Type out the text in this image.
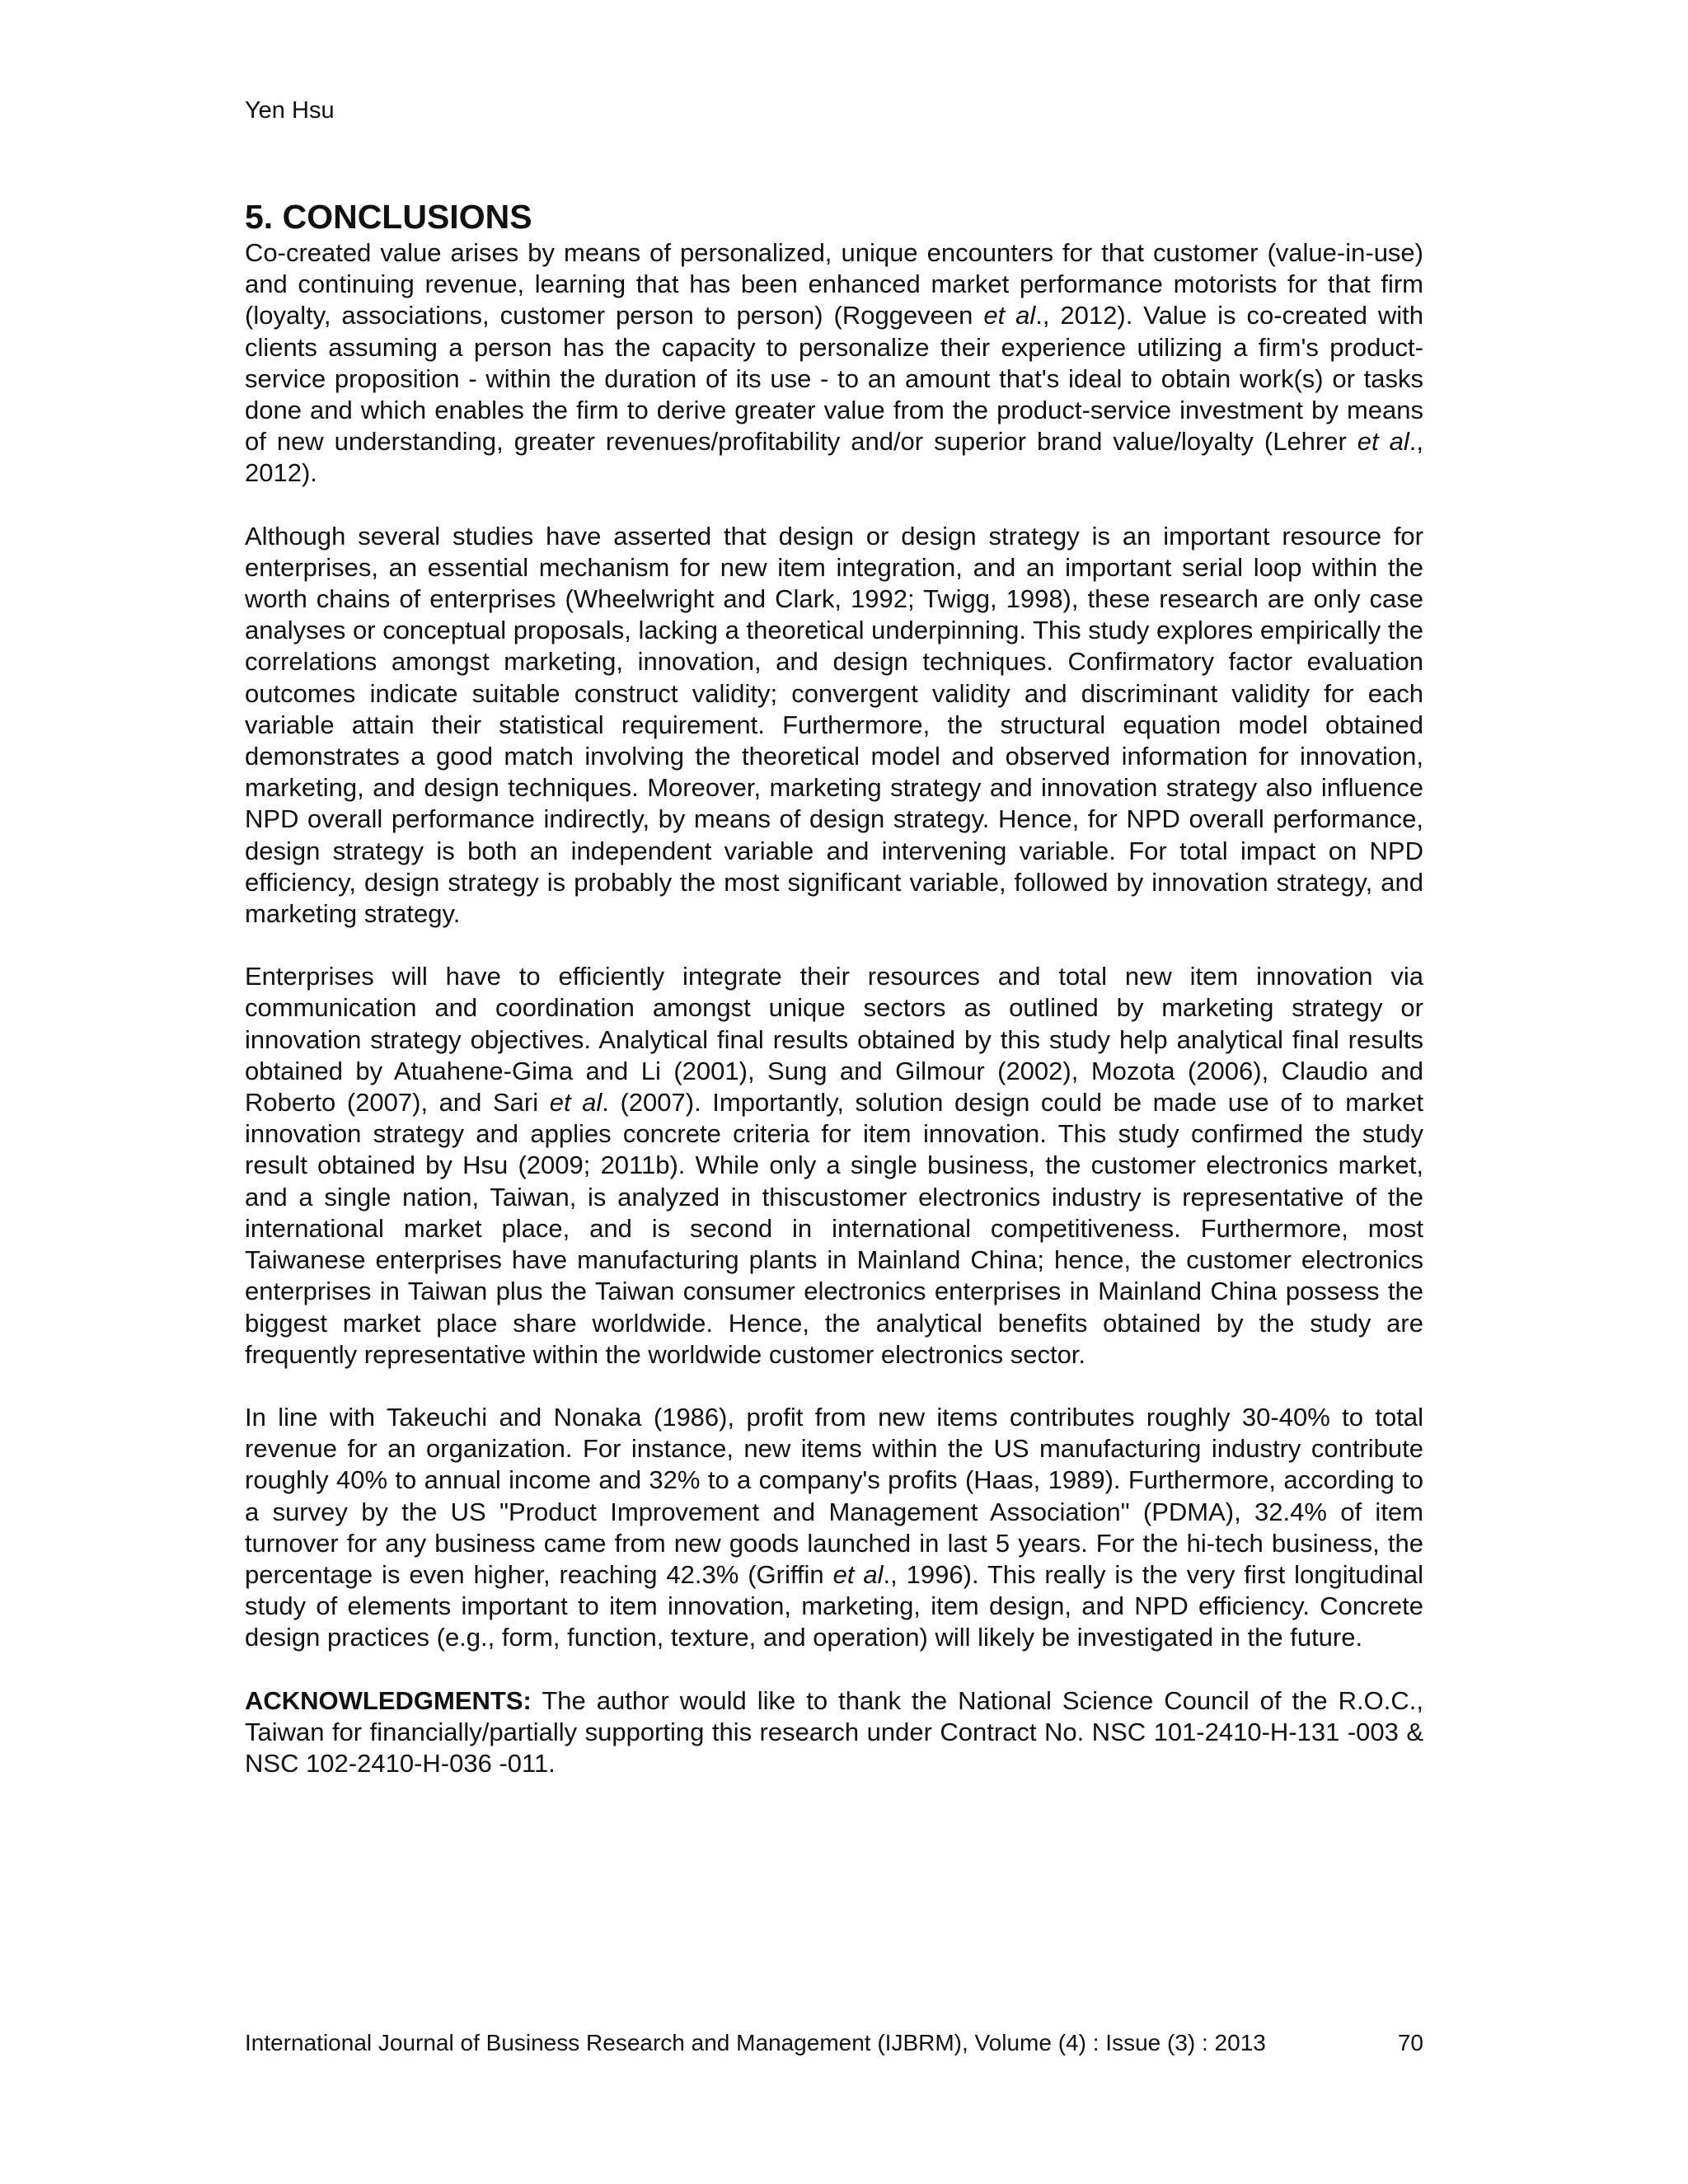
Yen Hsu
5. CONCLUSIONS

Co-created value arises by means of personalized, unique encounters for that customer (value-in-use) and continuing revenue, learning that has been enhanced market performance motorists for that firm (loyalty, associations, customer person to person) (Roggeveen et al., 2012). Value is co-created with clients assuming a person has the capacity to personalize their experience utilizing a firm's product-service proposition - within the duration of its use - to an amount that's ideal to obtain work(s) or tasks done and which enables the firm to derive greater value from the product-service investment by means of new understanding, greater revenues/profitability and/or superior brand value/loyalty (Lehrer et al., 2012).

Although several studies have asserted that design or design strategy is an important resource for enterprises, an essential mechanism for new item integration, and an important serial loop within the worth chains of enterprises (Wheelwright and Clark, 1992; Twigg, 1998), these research are only case analyses or conceptual proposals, lacking a theoretical underpinning. This study explores empirically the correlations amongst marketing, innovation, and design techniques. Confirmatory factor evaluation outcomes indicate suitable construct validity; convergent validity and discriminant validity for each variable attain their statistical requirement. Furthermore, the structural equation model obtained demonstrates a good match involving the theoretical model and observed information for innovation, marketing, and design techniques. Moreover, marketing strategy and innovation strategy also influence NPD overall performance indirectly, by means of design strategy. Hence, for NPD overall performance, design strategy is both an independent variable and intervening variable. For total impact on NPD efficiency, design strategy is probably the most significant variable, followed by innovation strategy, and marketing strategy.

Enterprises will have to efficiently integrate their resources and total new item innovation via communication and coordination amongst unique sectors as outlined by marketing strategy or innovation strategy objectives. Analytical final results obtained by this study help analytical final results obtained by Atuahene-Gima and Li (2001), Sung and Gilmour (2002), Mozota (2006), Claudio and Roberto (2007), and Sari et al. (2007). Importantly, solution design could be made use of to market innovation strategy and applies concrete criteria for item innovation. This study confirmed the study result obtained by Hsu (2009; 2011b). While only a single business, the customer electronics market, and a single nation, Taiwan, is analyzed in thiscustomer electronics industry is representative of the international market place, and is second in international competitiveness. Furthermore, most Taiwanese enterprises have manufacturing plants in Mainland China; hence, the customer electronics enterprises in Taiwan plus the Taiwan consumer electronics enterprises in Mainland China possess the biggest market place share worldwide. Hence, the analytical benefits obtained by the study are frequently representative within the worldwide customer electronics sector.

In line with Takeuchi and Nonaka (1986), profit from new items contributes roughly 30-40% to total revenue for an organization. For instance, new items within the US manufacturing industry contribute roughly 40% to annual income and 32% to a company's profits (Haas, 1989). Furthermore, according to a survey by the US "Product Improvement and Management Association" (PDMA), 32.4% of item turnover for any business came from new goods launched in last 5 years. For the hi-tech business, the percentage is even higher, reaching 42.3% (Griffin et al., 1996). This really is the very first longitudinal study of elements important to item innovation, marketing, item design, and NPD efficiency. Concrete design practices (e.g., form, function, texture, and operation) will likely be investigated in the future.

ACKNOWLEDGMENTS: The author would like to thank the National Science Council of the R.O.C., Taiwan for financially/partially supporting this research under Contract No. NSC 101-2410-H-131 -003 & NSC 102-2410-H-036 -011.

International Journal of Business Research and Management (IJBRM), Volume (4) : Issue (3) : 2013	70
